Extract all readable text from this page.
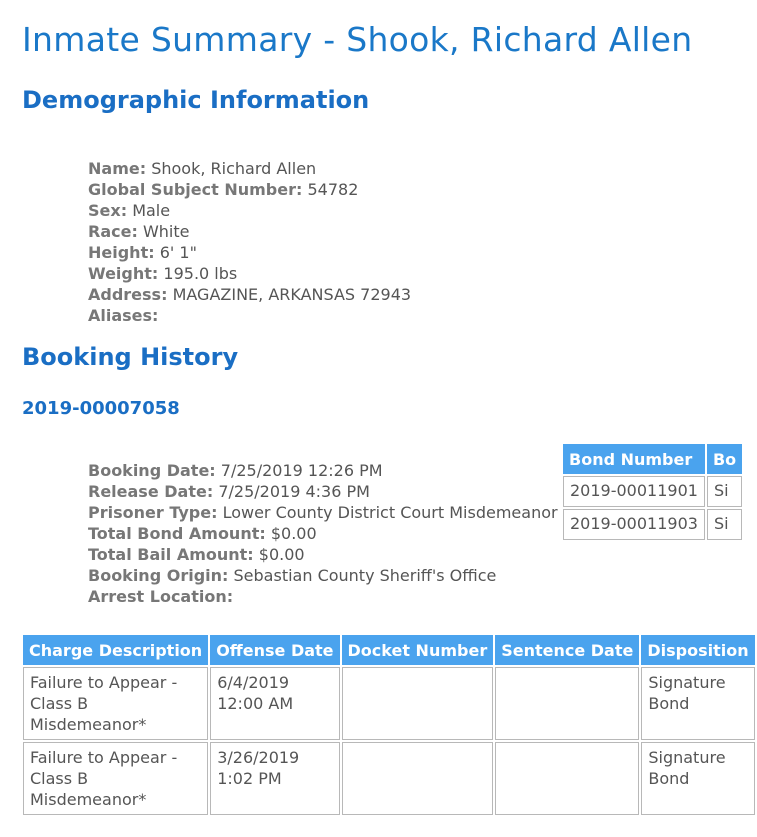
Inmate Summary - Shook, Richard Allen
Demographic Information
Name: Shook, Richard Allen
Global Subject Number: 54782
Sex: Male
Race: White
Height: 6' 1"
Weight: 195.0 lbs
Address: MAGAZINE, ARKANSAS 72943
Aliases:
Booking History
2019-00007058
Booking Date: 7/25/2019 12:26 PM
Release Date: 7/25/2019 4:36 PM
Prisoner Type: Lower County District Court Misdemeanor
Total Bond Amount: $0.00
Total Bail Amount: $0.00
Booking Origin: Sebastian County Sheriff's Office
Arrest Location:
Bond Number	Bo
2019-00011901	Si
2019-00011903	Si
Charge Description	Offense Date	Docket Number	Sentence Date	Disposition
Failure to Appear - Class B Misdemeanor*	6/4/2019 12:00 AM			Signature Bond
Failure to Appear - Class B Misdemeanor*	3/26/2019 1:02 PM			Signature Bond
